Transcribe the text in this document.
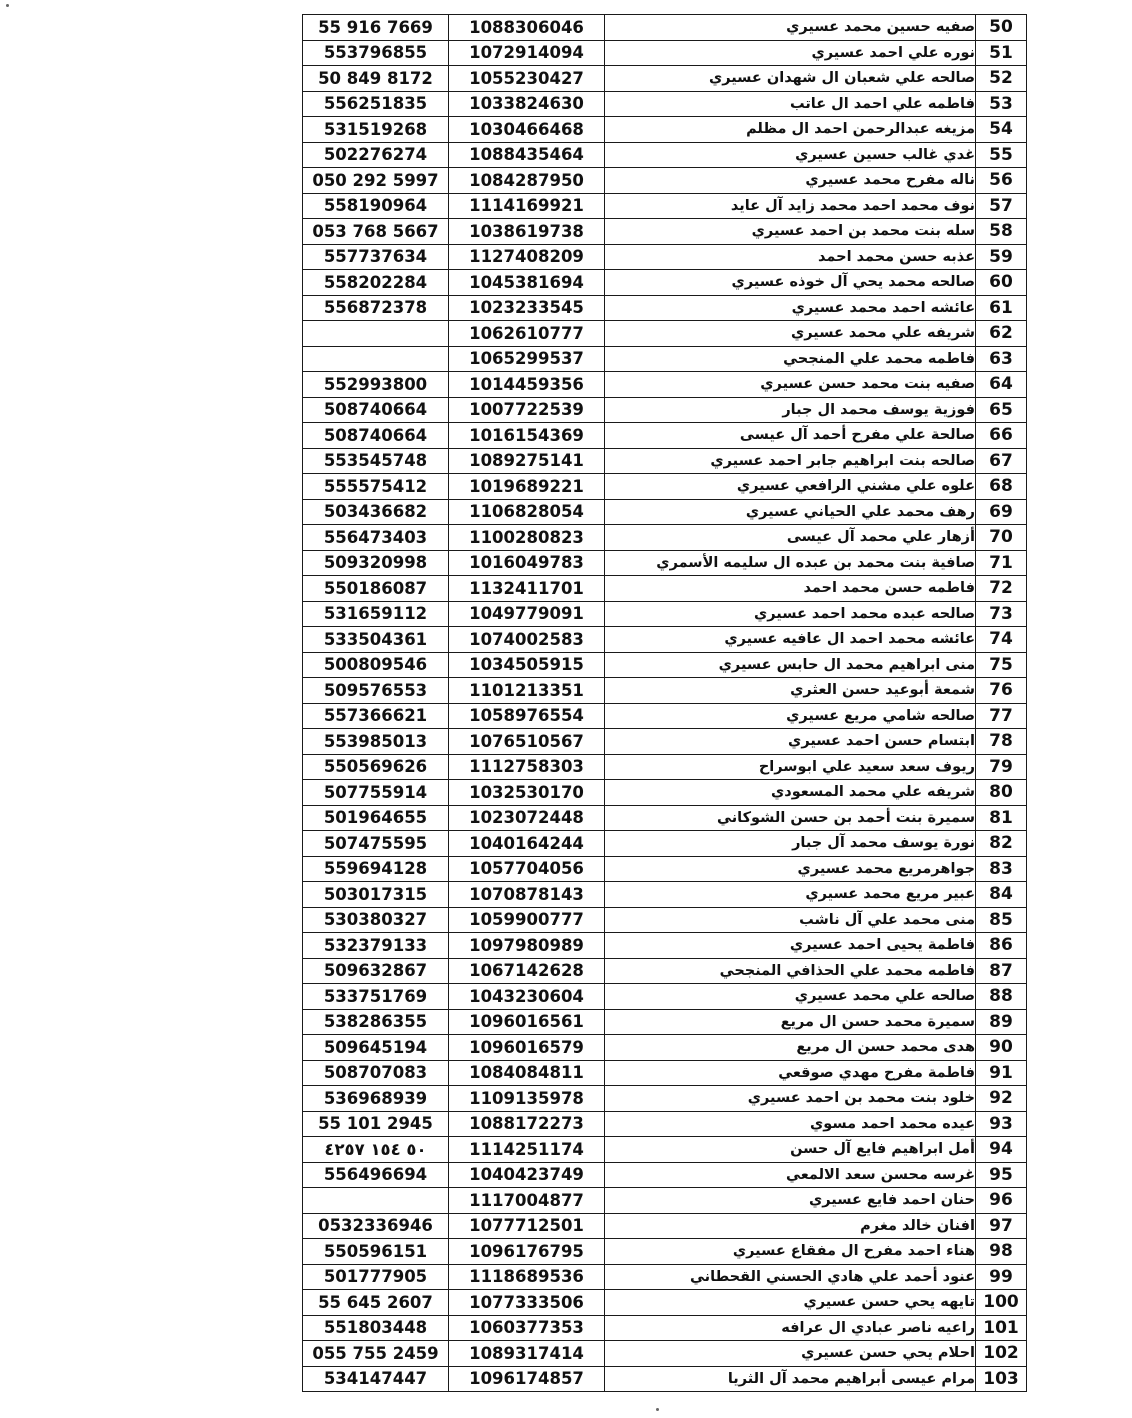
55 916 7669	1088306046	صفيه حسين محمد عسيري	50
553796855	1072914094	نوره علي احمد عسيري	51
50 849 8172	1055230427	صالحه علي شعبان ال شهدان عسيري	52
556251835	1033824630	فاطمه علي احمد ال عاتب	53
531519268	1030466468	مزيغه عبدالرحمن احمد ال مظلم	54
502276274	1088435464	غدي غالب حسين عسيري	55
050 292 5997	1084287950	ناله مفرح محمد عسيري	56
558190964	1114169921	نوف محمد احمد محمد زايد آل عايد	57
053 768 5667	1038619738	سله بنت محمد بن احمد عسيري	58
557737634	1127408209	عذبه حسن محمد احمد	59
558202284	1045381694	صالحه محمد يحي آل خوذه عسيري	60
556872378	1023233545	عائشه احمد محمد عسيري	61
	1062610777	شريفه علي محمد عسيري	62
	1065299537	فاطمه محمد علي المنجحي	63
552993800	1014459356	صفيه بنت محمد حسن عسيري	64
508740664	1007722539	فوزية يوسف محمد ال جبار	65
508740664	1016154369	صالحة علي مفرح أحمد آل عيسى	66
553545748	1089275141	صالحه بنت ابراهيم جابر احمد عسيري	67
555575412	1019689221	علوه علي مشني الرافعي عسيري	68
503436682	1106828054	رهف محمد علي الحياني عسيري	69
556473403	1100280823	أزهار علي محمد آل عيسى	70
509320998	1016049783	صافية بنت محمد بن عبده ال سليمه الأسمري	71
550186087	1132411701	فاطمه حسن محمد احمد	72
531659112	1049779091	صالحه عبده محمد احمد عسيري	73
533504361	1074002583	عائشه محمد احمد ال عافيه عسيري	74
500809546	1034505915	منى ابراهيم محمد ال حابس عسيري	75
509576553	1101213351	شمعة أبوعيد حسن العثري	76
557366621	1058976554	صالحه شامي مريع عسيري	77
553985013	1076510567	ابتسام حسن احمد عسيري	78
550569626	1112758303	ريوف سعد سعيد علي ابوسراح	79
507755914	1032530170	شريفه علي محمد المسعودي	80
501964655	1023072448	سميرة بنت أحمد بن حسن الشوكاني	81
507475595	1040164244	نورة يوسف محمد آل جبار	82
559694128	1057704056	جواهرمريع محمد عسيري	83
503017315	1070878143	عبير مريع محمد عسيري	84
530380327	1059900777	منى محمد علي آل ناشب	85
532379133	1097980989	فاطمة يحيى احمد عسيري	86
509632867	1067142628	فاطمه محمد علي الحذافي المنجحي	87
533751769	1043230604	صالحه علي محمد عسيري	88
538286355	1096016561	سميرة محمد حسن ال مريع	89
509645194	1096016579	هدى محمد حسن ال مريع	90
508707083	1084084811	فاطمة مفرح مهدي صوقعي	91
536968939	1109135978	خلود بنت محمد بن احمد عسيري	92
55 101 2945	1088172273	عيده محمد احمد مسوي	93
٥٠ ١٥٤ ٤٢٥٧	1114251174	أمل ابراهيم فايع آل حسن	94
556496694	1040423749	غرسه محسن سعد الالمعي	95
	1117004877	حنان احمد فايع عسيري	96
0532336946	1077712501	افنان خالد مغرم	97
550596151	1096176795	هناء احمد مفرح ال مفقاع عسيري	98
501777905	1118689536	عنود أحمد علي هادي الحسني القحطاني	99
55 645 2607	1077333506	تايهه يحي حسن عسيري	100
551803448	1060377353	راعيه ناصر عبادي ال عرافه	101
055 755 2459	1089317414	احلام يحي حسن عسيري	102
534147447	1096174857	مرام عيسى أبراهيم محمد آل الثريا	103
